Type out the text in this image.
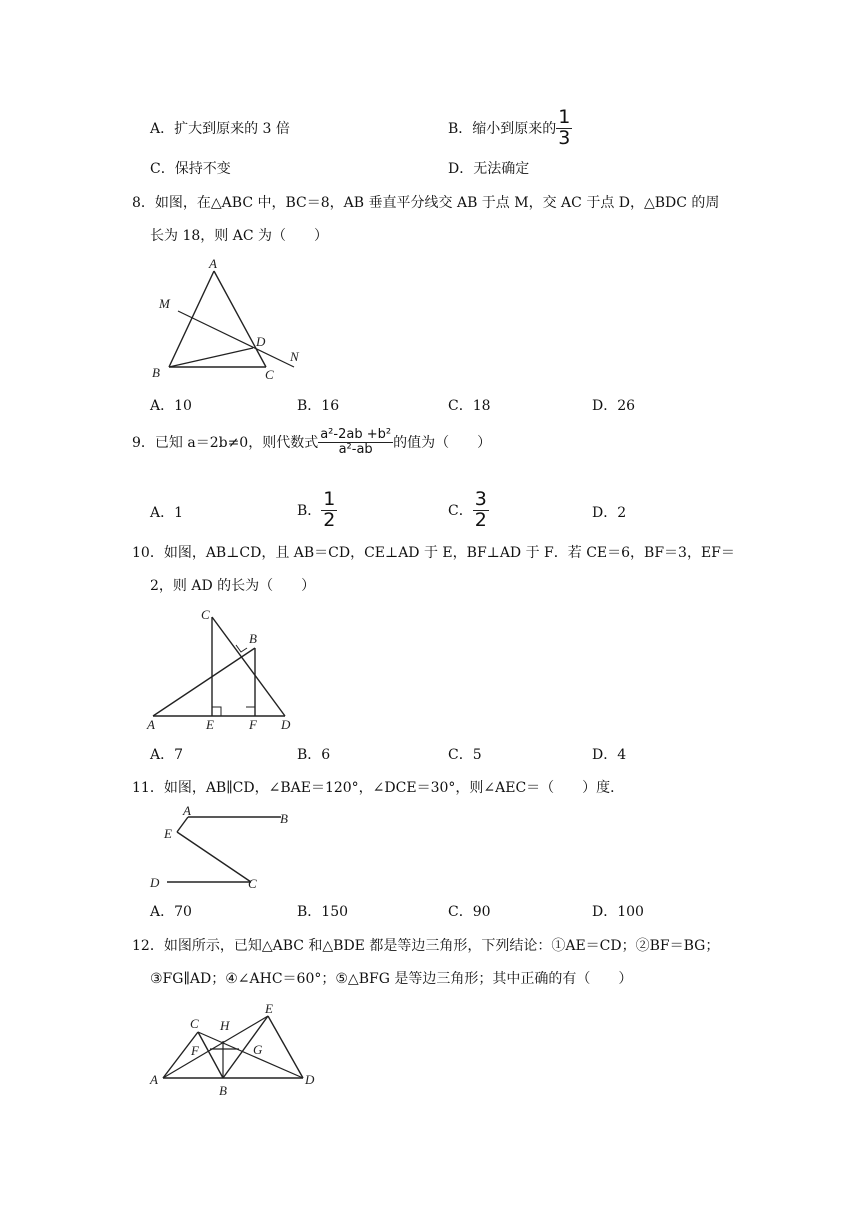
A．扩大到原来的 3 倍	B．缩小到原来的 $\frac{1}{3}$
C．保持不变	D．无法确定
8．如图，在△ABC 中，BC＝8，AB 垂直平分线交 AB 于点 M，交 AC 于点 D，△BDC 的周
长为 18，则 AC 为（　　）
A
M
D
N
B	C
A．10	B．16	C．18	D．26
9．已知 a＝2b≠0，则代数式 $\frac{\text{a²-2ab +b²}}{\text{a²-ab}}$ 的值为（　　）
A．1	B． $\frac{1}{2}$	C． $\frac{3}{2}$	D．2
10．如图，AB⊥CD，且 AB＝CD，CE⊥AD 于 E，BF⊥AD 于 F．若 CE＝6，BF＝3，EF＝
2，则 AD 的长为（　　）
C
B
A	E	F D
A．7	B．6	C．5	D．4
11．如图，AB∥CD，∠BAE＝120°，∠DCE＝30°，则∠AEC＝（　　）度．
A
B
E
D	C
A．70	B．150	C．90	D．100
12．如图所示，已知△ABC 和△BDE 都是等边三角形，下列结论：①AE＝CD；②BF＝BG；
③FG∥AD；④∠AHC＝60°；⑤△BFG 是等边三角形；其中正确的有（　　）
C H
E
F	G
A
B
D
